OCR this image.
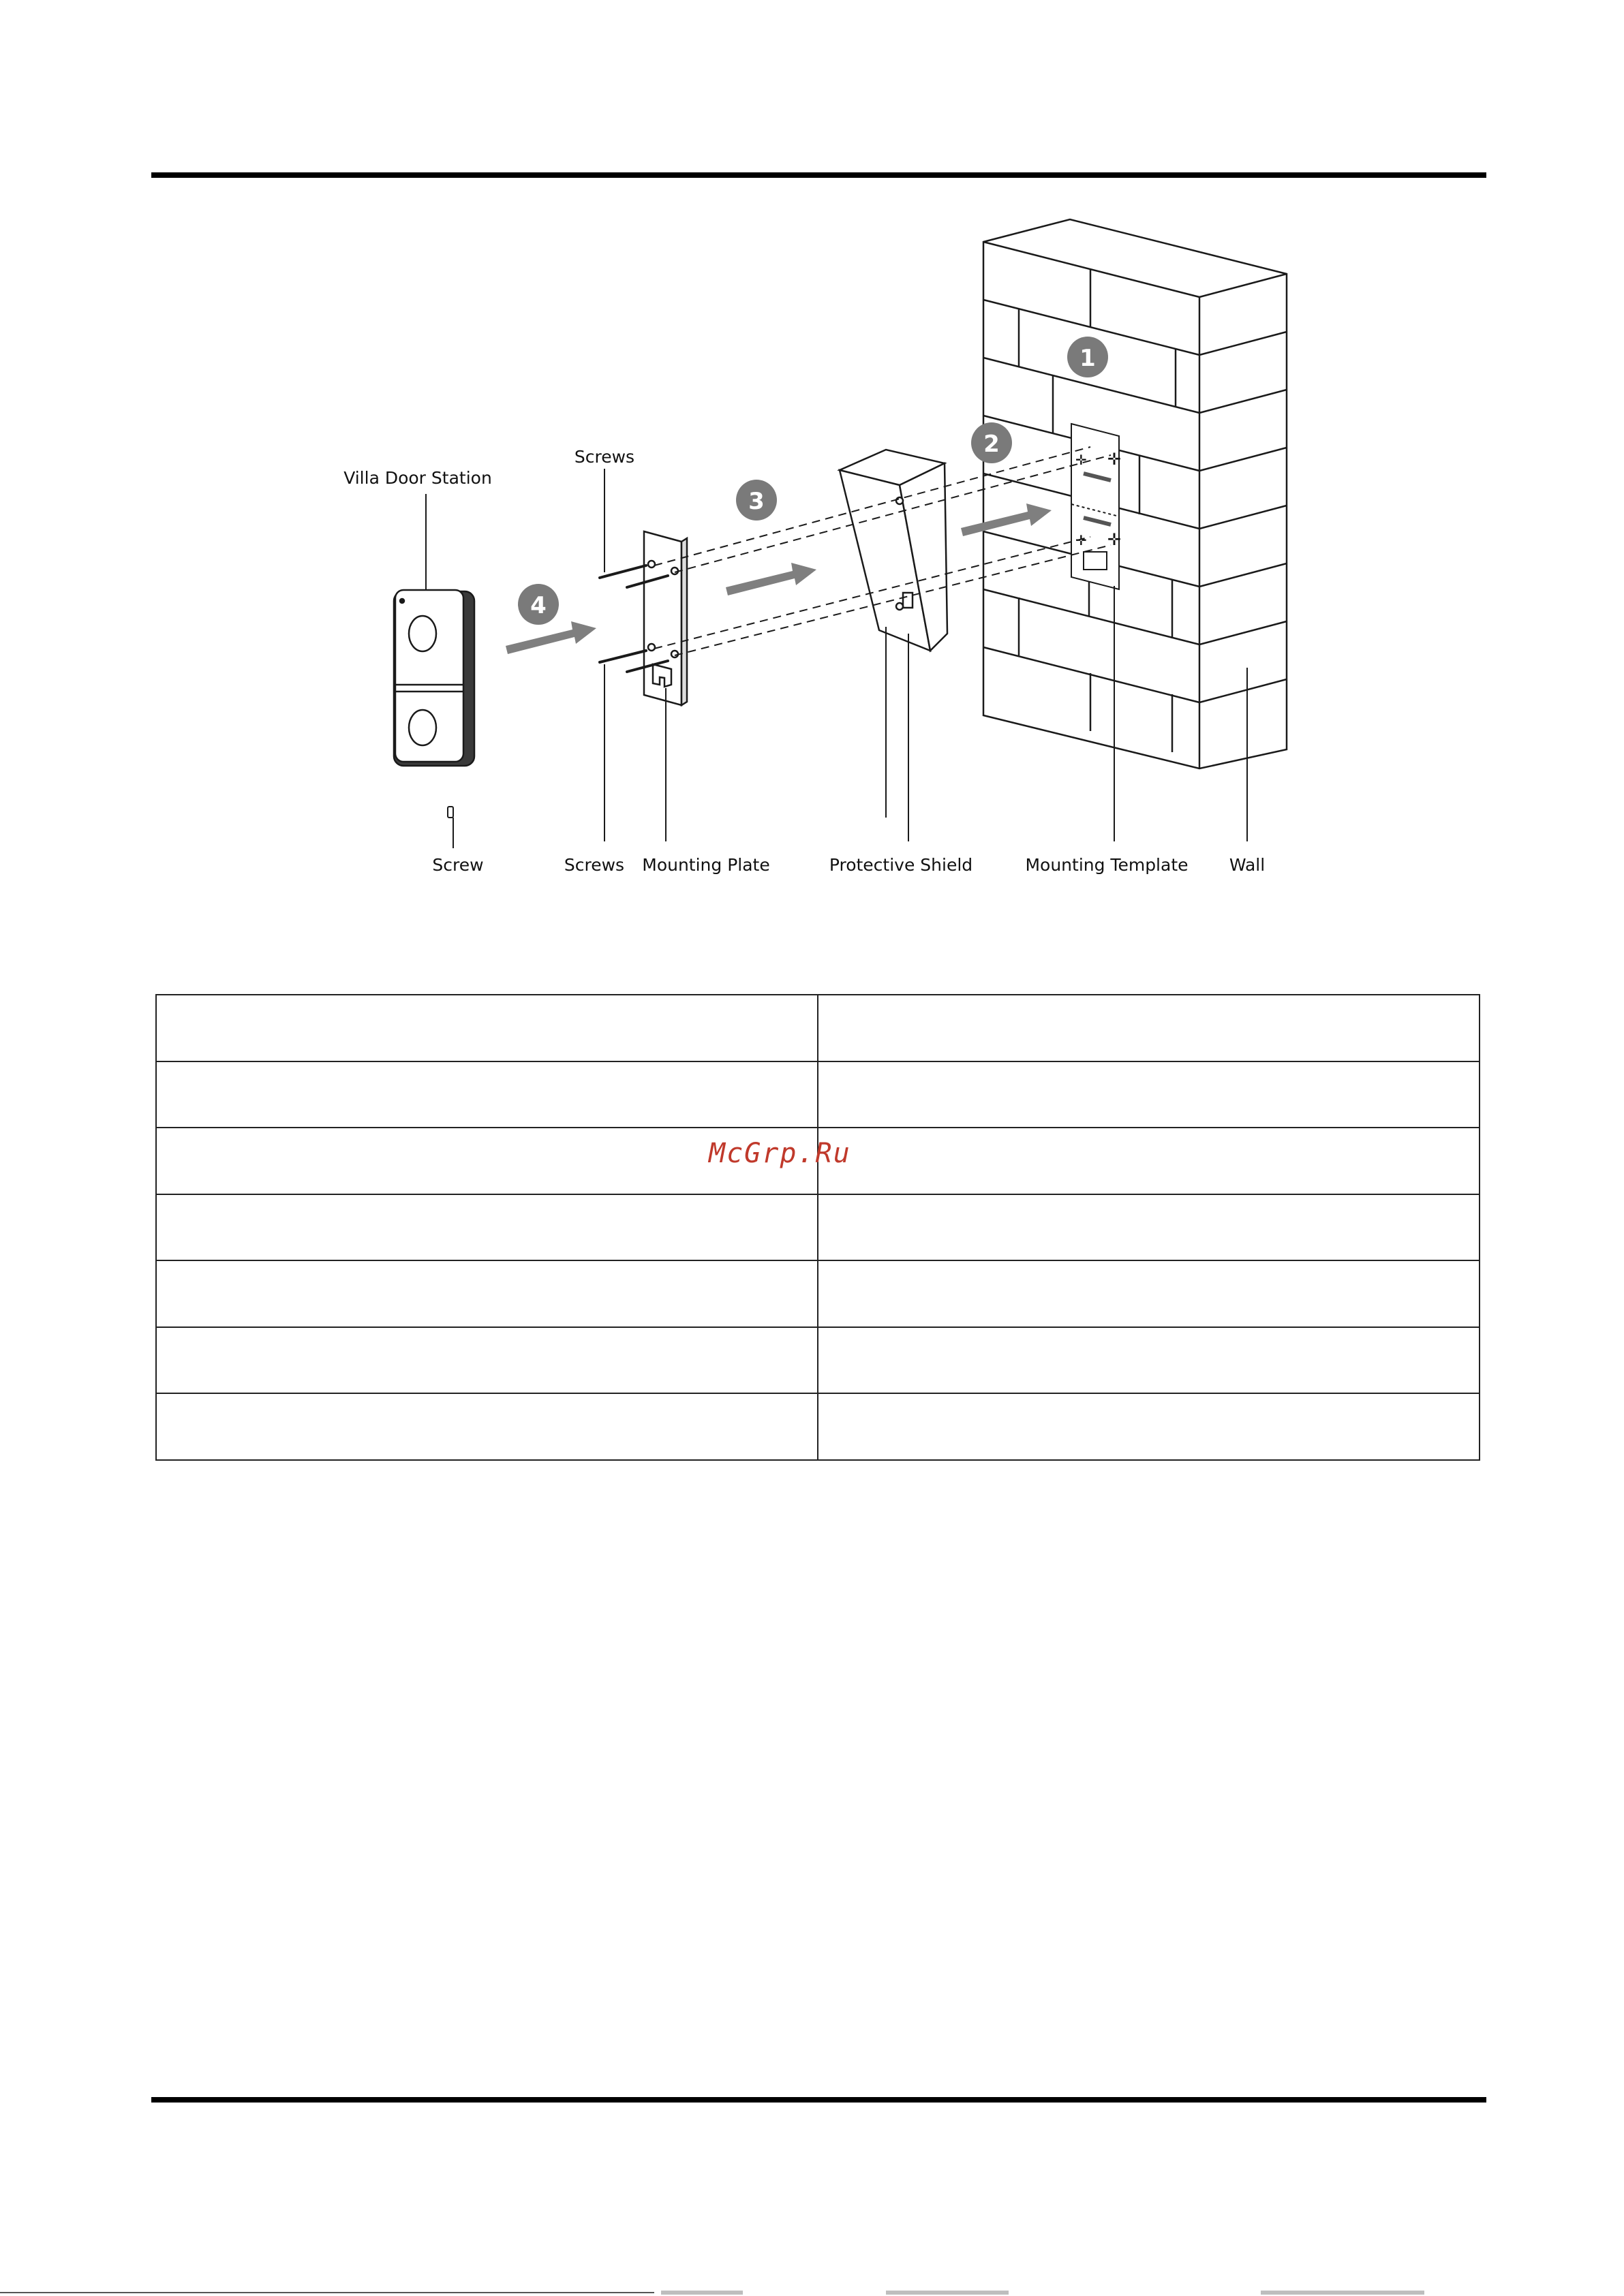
✛
✛
✛
✛
1
2
3
4
Villa Door Station
Screws
Screw	Screws Mounting Plate	Protective Shield	Mounting Template Wall

McGrp.Ru
